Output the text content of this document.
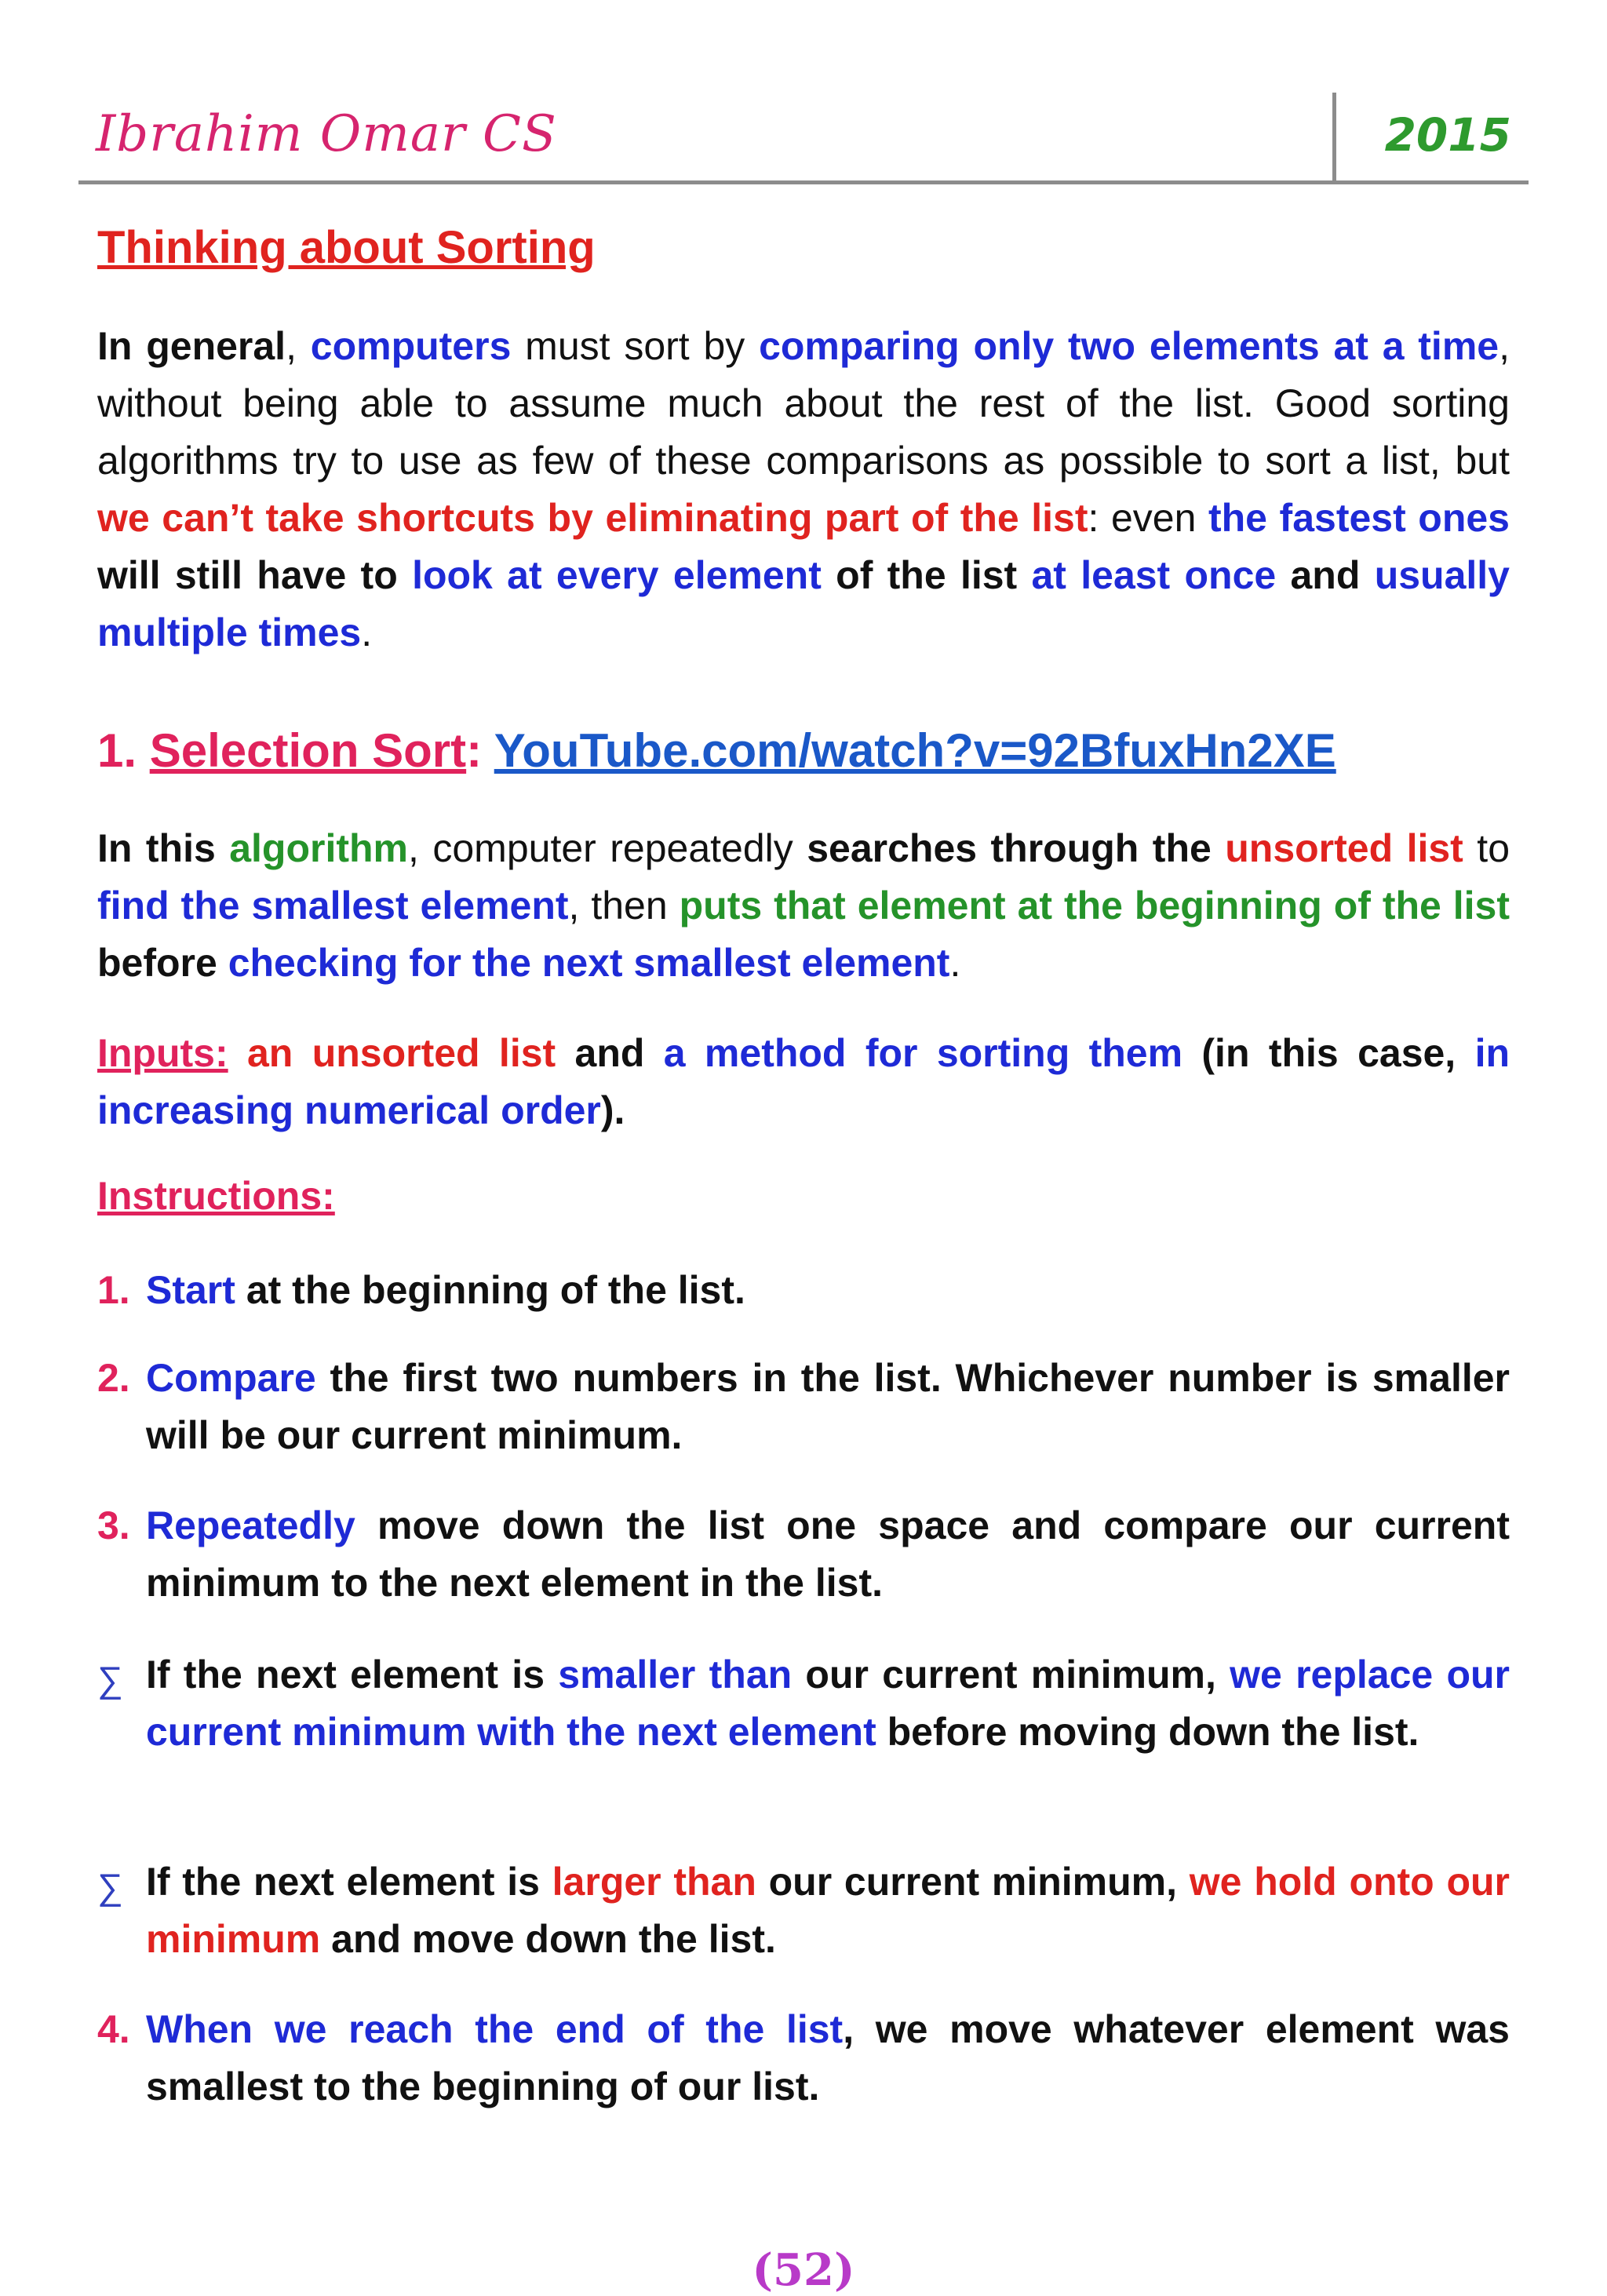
Ibrahim Omar CS	2015
Thinking about Sorting
In general, computers must sort by comparing only two elements at a time, without being able to assume much about the rest of the list. Good sorting algorithms try to use as few of these comparisons as possible to sort a list, but we can’t take shortcuts by eliminating part of the list: even the fastest ones will still have to look at every element of the list at least once and usually multiple times.
1. Selection Sort: YouTube.com/watch?v=92BfuxHn2XE
In this algorithm, computer repeatedly searches through the unsorted list to find the smallest element, then puts that element at the beginning of the list before checking for the next smallest element.
Inputs: an unsorted list and a method for sorting them (in this case, in increasing numerical order).
Instructions:
1. Start at the beginning of the list.
2. Compare the first two numbers in the list. Whichever number is smaller will be our current minimum.
3. Repeatedly move down the list one space and compare our current minimum to the next element in the list.
∑ If the next element is smaller than our current minimum, we replace our current minimum with the next element before moving down the list.
∑ If the next element is larger than our current minimum, we hold onto our minimum and move down the list.
4. When we reach the end of the list, we move whatever element was smallest to the beginning of our list.
(52)
